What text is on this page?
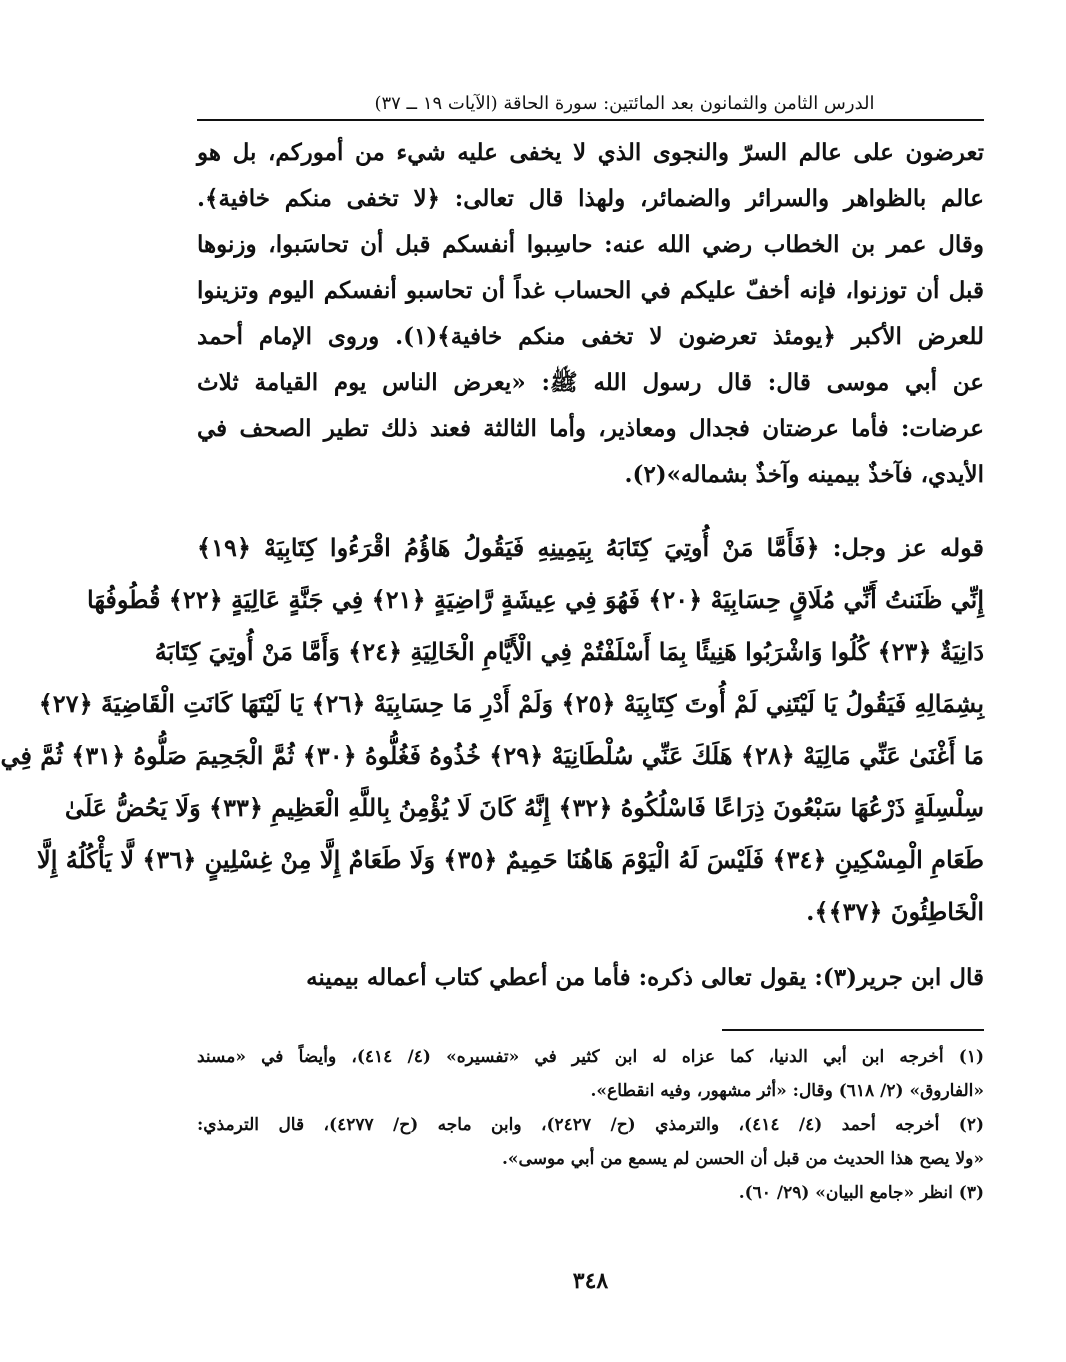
الدرس الثامن والثمانون بعد المائتين: سورة الحاقة (الآيات ١٩ ــ ٣٧)
تعرضون على عالم السرّ والنجوى الذي لا يخفى عليه شيء من أموركم، بل هو
عالم بالظواهر والسرائر والضمائر، ولهذا قال تعالى: ﴿لا تخفى منكم خافية﴾.
وقال عمر بن الخطاب رضي الله عنه: حاسِبوا أنفسكم قبل أن تحاسَبوا، وزنوها
قبل أن توزنوا، فإنه أخفّ عليكم في الحساب غداً أن تحاسبو أنفسكم اليوم وتزينوا
للعرض الأكبر ﴿يومئذ تعرضون لا تخفى منكم خافية﴾(١). وروى الإمام أحمد
عن أبي موسى قال: قال رسول الله ﷺ: «يعرض الناس يوم القيامة ثلاث
عرضات: فأما عرضتان فجدال ومعاذير، وأما الثالثة فعند ذلك تطير الصحف في
الأيدي، فآخذٌ بيمينه وآخذٌ بشماله»(٢).
قوله عز وجل: ﴿فَأَمَّا مَنْ أُوتِيَ كِتَابَهُ بِيَمِينِهِ فَيَقُولُ هَاؤُمُ اقْرَءُوا كِتَابِيَهْ ﴿١٩﴾
إِنِّي ظَنَنتُ أَنِّي مُلَاقٍ حِسَابِيَهْ ﴿٢٠﴾ فَهُوَ فِي عِيشَةٍ رَّاضِيَةٍ ﴿٢١﴾ فِي جَنَّةٍ عَالِيَةٍ ﴿٢٢﴾ قُطُوفُهَا
دَانِيَةٌ ﴿٢٣﴾ كُلُوا وَاشْرَبُوا هَنِيئًا بِمَا أَسْلَفْتُمْ فِي الْأَيَّامِ الْخَالِيَةِ ﴿٢٤﴾ وَأَمَّا مَنْ أُوتِيَ كِتَابَهُ
بِشِمَالِهِ فَيَقُولُ يَا لَيْتَنِي لَمْ أُوتَ كِتَابِيَهْ ﴿٢٥﴾ وَلَمْ أَدْرِ مَا حِسَابِيَهْ ﴿٢٦﴾ يَا لَيْتَهَا كَانَتِ الْقَاضِيَةَ ﴿٢٧﴾
مَا أَغْنَىٰ عَنِّي مَالِيَهْ ﴿٢٨﴾ هَلَكَ عَنِّي سُلْطَانِيَهْ ﴿٢٩﴾ خُذُوهُ فَغُلُّوهُ ﴿٣٠﴾ ثُمَّ الْجَحِيمَ صَلُّوهُ ﴿٣١﴾ ثُمَّ فِي
سِلْسِلَةٍ ذَرْعُهَا سَبْعُونَ ذِرَاعًا فَاسْلُكُوهُ ﴿٣٢﴾ إِنَّهُ كَانَ لَا يُؤْمِنُ بِاللَّهِ الْعَظِيمِ ﴿٣٣﴾ وَلَا يَحُضُّ عَلَىٰ
طَعَامِ الْمِسْكِينِ ﴿٣٤﴾ فَلَيْسَ لَهُ الْيَوْمَ هَاهُنَا حَمِيمٌ ﴿٣٥﴾ وَلَا طَعَامٌ إِلَّا مِنْ غِسْلِينٍ ﴿٣٦﴾ لَّا يَأْكُلُهُ إِلَّا
الْخَاطِئُونَ ﴿٣٧﴾﴾.
قال ابن جرير(٣): يقول تعالى ذكره: فأما من أعطي كتاب أعماله بيمينه
(١) أخرجه ابن أبي الدنيا، كما عزاه له ابن كثير في «تفسيره» (٤/ ٤١٤)، وأيضاً في «مسند
«الفاروق» (٢/ ٦١٨) وقال: «أثر مشهور، وفيه انقطاع».
(٢) أخرجه أحمد (٤/ ٤١٤)، والترمذي (ح/ ٢٤٢٧)، وابن ماجه (ح/ ٤٢٧٧)، قال الترمذي:
«ولا يصح هذا الحديث من قبل أن الحسن لم يسمع من أبي موسى».
(٣) انظر «جامع البيان» (٢٩/ ٦٠).
٣٤٨
